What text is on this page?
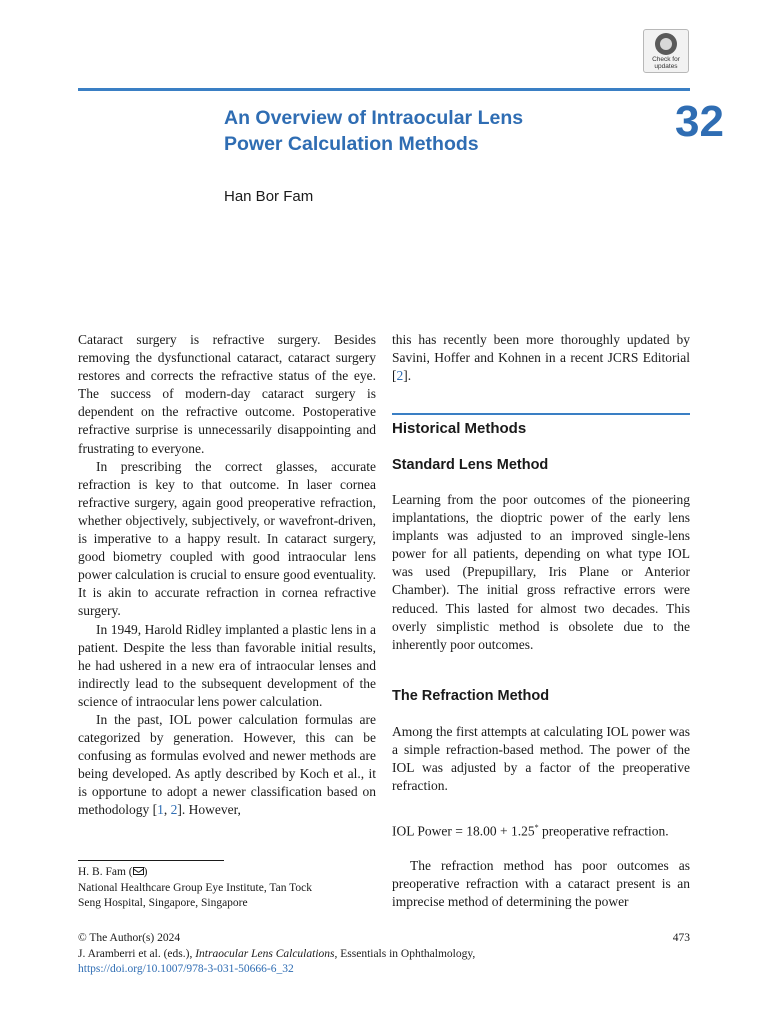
Check for
updates
An Overview of Intraocular Lens
Power Calculation Methods	32
Han Bor Fam

Cataract surgery is refractive surgery. Besides removing the dysfunctional cataract, cataract surgery restores and corrects the refractive status of the eye. The success of modern-day cataract surgery is dependent on the refractive outcome. Postoperative refractive surprise is unnecessarily disappointing and frustrating to everyone.

In prescribing the correct glasses, accurate refraction is key to that outcome. In laser cornea refractive surgery, again good preoperative refraction, whether objectively, subjectively, or wavefront-driven, is imperative to a happy result. In cataract surgery, good biometry coupled with good intraocular lens power calculation is crucial to ensure good eventuality. It is akin to accurate refraction in cornea refractive surgery.

In 1949, Harold Ridley implanted a plastic lens in a patient. Despite the less than favorable initial results, he had ushered in a new era of intraocular lenses and indirectly lead to the subsequent development of the science of intraocular lens power calculation.

In the past, IOL power calculation formulas are categorized by generation. However, this can be confusing as formulas evolved and newer methods are being developed. As aptly described by Koch et al., it is opportune to adopt a newer classification based on methodology [1, 2]. However,

this has recently been more thoroughly updated by Savini, Hoffer and Kohnen in a recent JCRS Editorial [2].

Historical Methods
Standard Lens Method

Learning from the poor outcomes of the pioneering implantations, the dioptric power of the early lens implants was adjusted to an improved single-lens power for all patients, depending on what type IOL was used (Prepupillary, Iris Plane or Anterior Chamber). The initial gross refractive errors were reduced. This lasted for almost two decades. This overly simplistic method is obsolete due to the inherently poor outcomes.

The Refraction Method

Among the first attempts at calculating IOL power was a simple refraction-based method. The power of the IOL was adjusted by a factor of the preoperative refraction.

IOL Power = 18.00 + 1.25* preoperative refraction.

The refraction method has poor outcomes as preoperative refraction with a cataract present is an imprecise method of determining the power

H. B. Fam ( )
National Healthcare Group Eye Institute, Tan Tock
Seng Hospital, Singapore, Singapore
© The Author(s) 2024	473
J. Aramberri et al. (eds.), Intraocular Lens Calculations, Essentials in Ophthalmology,
https://doi.org/10.1007/978-3-031-50666-6_32
